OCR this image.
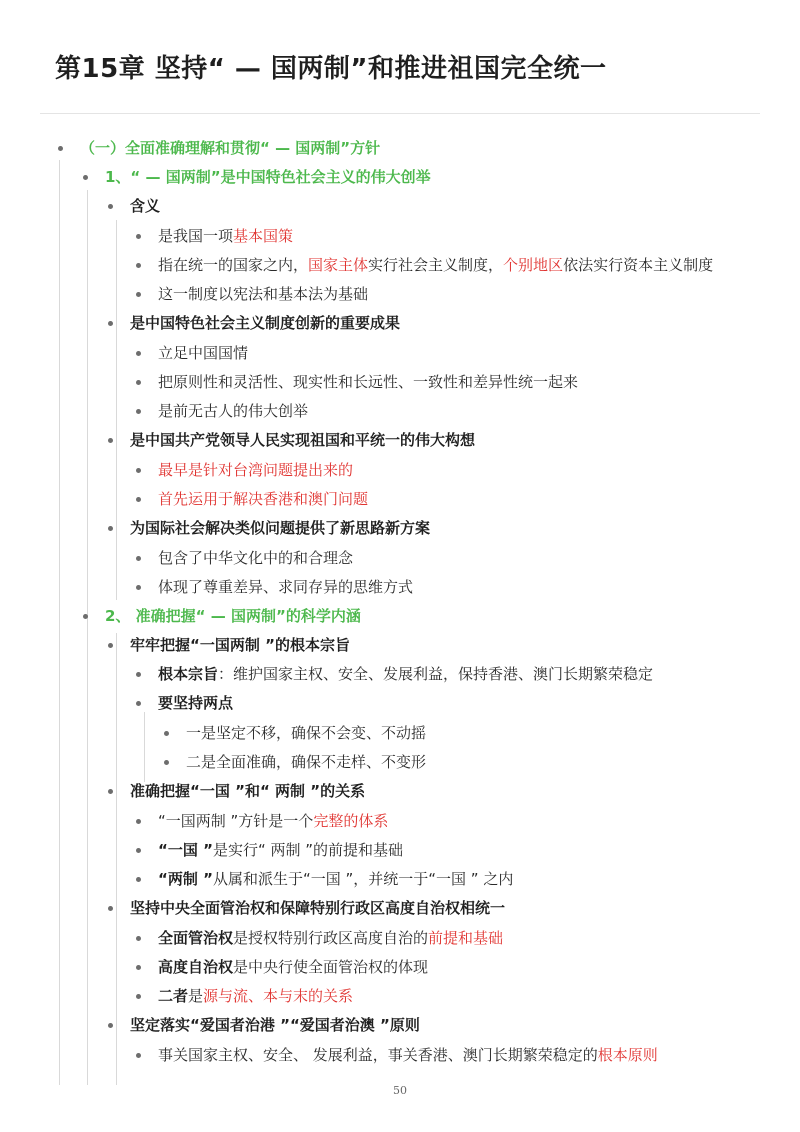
第15章 坚持“ — 国两制”和推进祖国完全统一
（一）全面准确理解和贯彻“ — 国两制”方针
1、“ — 国两制”是中国特色社会主义的伟大创举
含义
是我国一项基本国策
指在统一的国家之内，国家主体实行社会主义制度，个别地区依法实行资本主义制度
这一制度以宪法和基本法为基础
是中国特色社会主义制度创新的重要成果
立足中国国情
把原则性和灵活性、现实性和长远性、一致性和差异性统一起来
是前无古人的伟大创举
是中国共产党领导人民实现祖国和平统一的伟大构想
最早是针对台湾问题提出来的
首先运用于解决香港和澳门问题
为国际社会解决类似问题提供了新思路新方案
包含了中华文化中的和合理念
体现了尊重差异、求同存异的思维方式
2、 准确把握“ — 国两制”的科学内涵
牢牢把握“一国两制 ”的根本宗旨
根本宗旨：维护国家主权、安全、发展利益，保持香港、澳门长期繁荣稳定
要坚持两点
一是坚定不移，确保不会变、不动摇
二是全面准确，确保不走样、不变形
准确把握“一国 ”和“ 两制 ”的关系
“一国两制 ”方针是一个完整的体系
“一国 ”是实行“ 两制 ”的前提和基础
“两制 ”从属和派生于“一国 ”，并统一于“一国 ” 之内
坚持中央全面管治权和保障特别行政区高度自治权相统一
全面管治权是授权特别行政区高度自治的前提和基础
高度自治权是中央行使全面管治权的体现
二者是源与流、本与末的关系
坚定落实“爱国者治港 ”“爱国者治澳 ”原则
事关国家主权、安全、 发展利益，事关香港、澳门长期繁荣稳定的根本原则
50
